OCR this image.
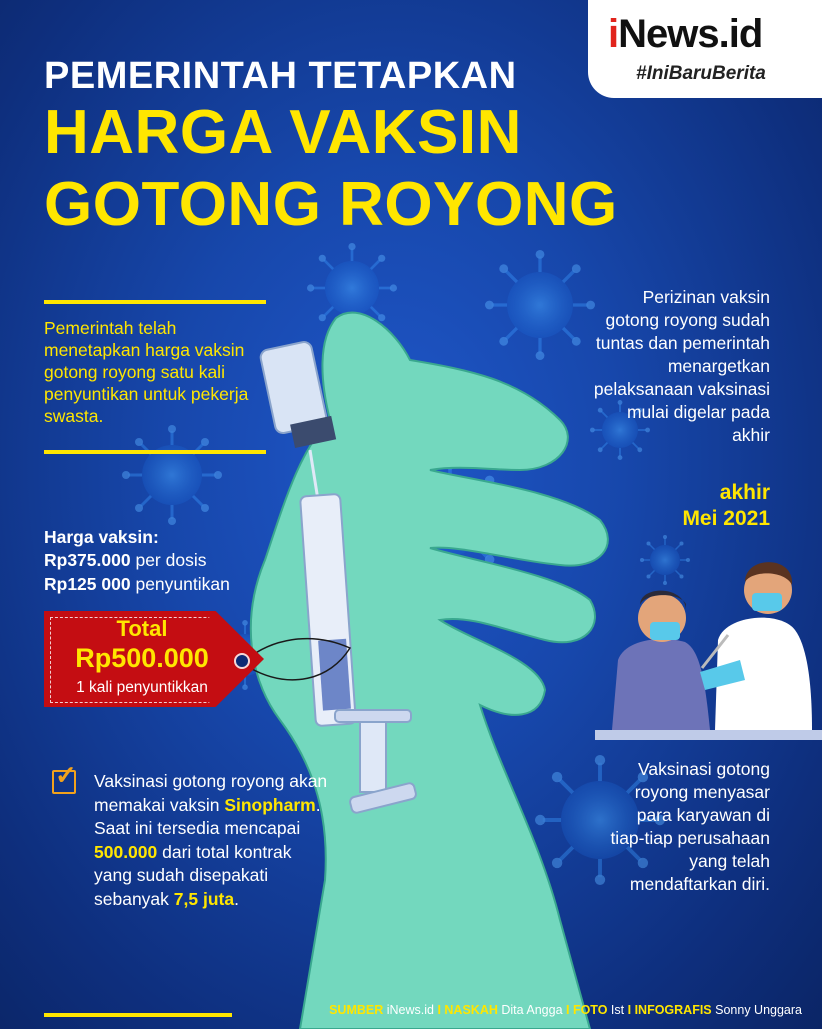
iNews.id
#IniBaruBerita
PEMERINTAH TETAPKAN
HARGA VAKSIN
GOTONG ROYONG
Pemerintah telah menetapkan harga vaksin gotong royong satu kali penyuntikan untuk pekerja swasta.
Perizinan vaksin gotong royong sudah tuntas dan pemerintah menargetkan pelaksanaan vaksinasi mulai digelar pada akhir
akhir
Mei 2021
Harga vaksin:
Rp375.000 per dosis
Rp125 000 penyuntikan
Total
Rp500.000
1 kali penyuntikkan
✓ Vaksinasi gotong royong akan memakai vaksin Sinopharm. Saat ini tersedia mencapai 500.000 dari total kontrak yang sudah disepakati sebanyak 7,5 juta.
Vaksinasi gotong royong menyasar para karyawan di tiap-tiap perusahaan yang telah mendaftarkan diri.
SUMBER iNews.id I NASKAH Dita Angga I FOTO Ist I INFOGRAFIS Sonny Unggara
